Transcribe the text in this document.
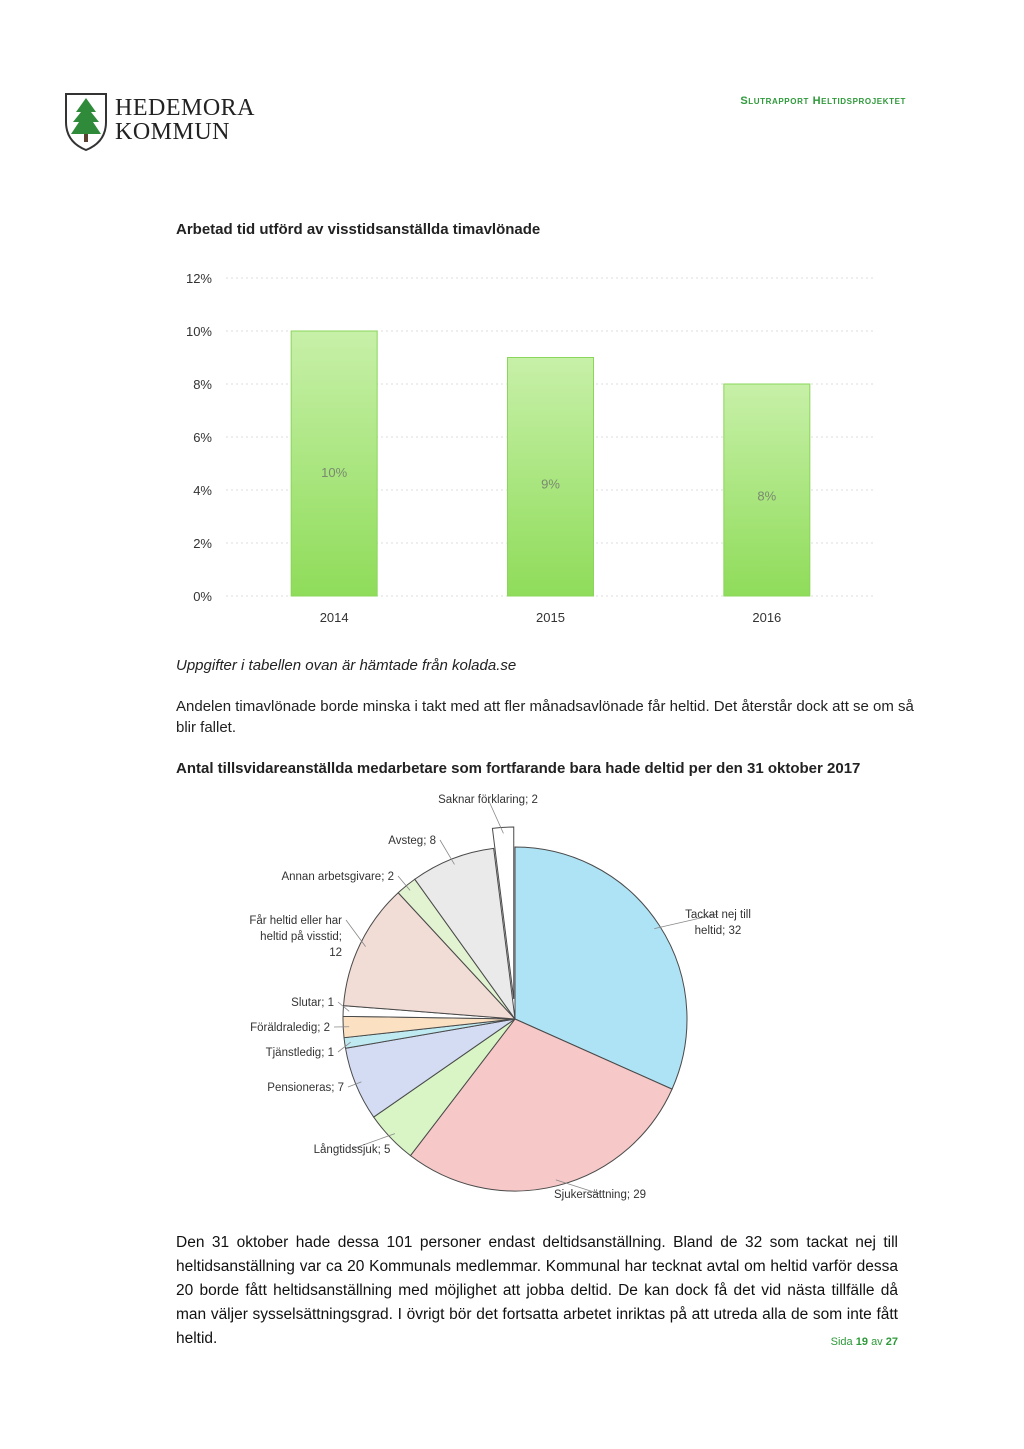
HEDEMORA
KOMMUN
Slutrapport Heltidsprojektet
Arbetad tid utförd av visstidsanställda timavlönade
0%
2%
4%
6%
8%
10%
12%
10%
2014
9%
2015
8%
2016
Uppgifter i tabellen ovan är hämtade från kolada.se
Andelen timavlönade borde minska i takt med att fler månadsavlönade får heltid. Det återstår dock att se om så blir fallet.
Antal tillsvidareanställda medarbetare som fortfarande bara hade deltid per den 31 oktober 2017
Tackat nej till heltid; 32
Sjukersättning; 29
Långtidssjuk; 5
Pensioneras; 7
Tjänstledig; 1
Föräldraledig; 2
Slutar; 1
Får heltid eller har heltid på visstid; 12
Annan arbetsgivare; 2
Avsteg; 8
Saknar förklaring; 2
Den 31 oktober hade dessa 101 personer endast deltidsanställning. Bland de 32 som tackat nej till heltidsanställning var ca 20 Kommunals medlemmar. Kommunal har tecknat avtal om heltid varför dessa 20 borde fått heltidsanställning med möjlighet att jobba deltid. De kan dock få det vid nästa tillfälle då man väljer sysselsättningsgrad. I övrigt bör det fortsatta arbetet inriktas på att utreda alla de som inte fått heltid.	Sida 19 av 27
